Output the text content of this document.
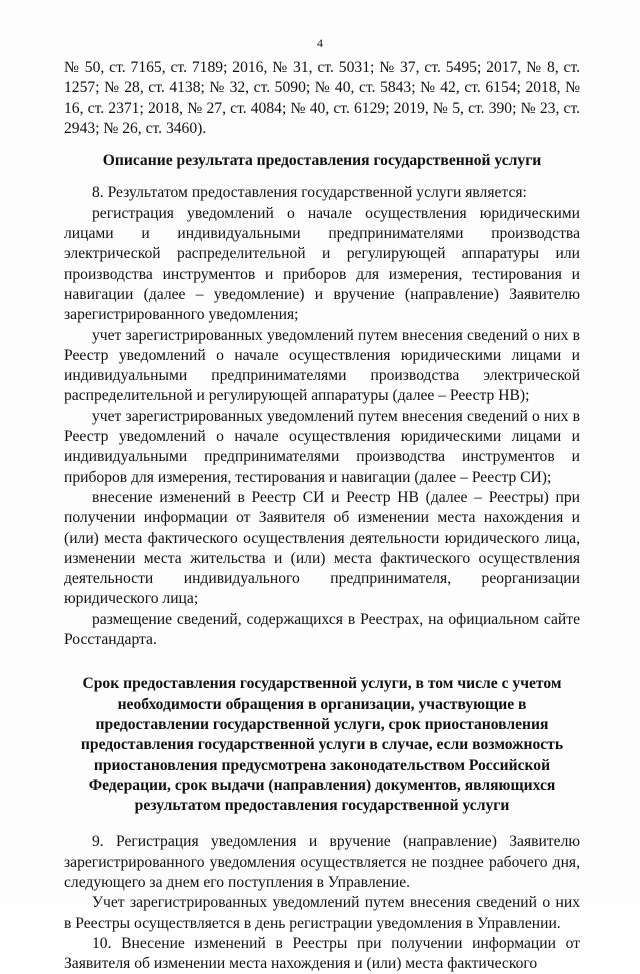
4

№ 50, ст. 7165, ст. 7189; 2016, № 31, ст. 5031; № 37, ст. 5495; 2017, № 8, ст. 1257; № 28, ст. 4138; № 32, ст. 5090; № 40, ст. 5843; № 42, ст. 6154; 2018, № 16, ст. 2371; 2018, № 27, ст. 4084; № 40, ст. 6129; 2019, № 5, ст. 390; № 23, ст. 2943; № 26, ст. 3460).

Описание результата предоставления государственной услуги

8. Результатом предоставления государственной услуги является:

регистрация уведомлений о начале осуществления юридическими лицами и индивидуальными предпринимателями производства электрической распределительной и регулирующей аппаратуры или производства инструментов и приборов для измерения, тестирования и навигации (далее – уведомление) и вручение (направление) Заявителю зарегистрированного уведомления;

учет зарегистрированных уведомлений путем внесения сведений о них в Реестр уведомлений о начале осуществления юридическими лицами и индивидуальными предпринимателями производства электрической распределительной и регулирующей аппаратуры (далее – Реестр НВ);

учет зарегистрированных уведомлений путем внесения сведений о них в Реестр уведомлений о начале осуществления юридическими лицами и индивидуальными предпринимателями производства инструментов и приборов для измерения, тестирования и навигации (далее – Реестр СИ);

внесение изменений в Реестр СИ и Реестр НВ (далее – Реестры) при получении информации от Заявителя об изменении места нахождения и (или) места фактического осуществления деятельности юридического лица, изменении места жительства и (или) места фактического осуществления деятельности индивидуального предпринимателя, реорганизации юридического лица;

размещение сведений, содержащихся в Реестрах, на официальном сайте Росстандарта.

Срок предоставления государственной услуги, в том числе с учетом необходимости обращения в организации, участвующие в предоставлении государственной услуги, срок приостановления предоставления государственной услуги в случае, если возможность приостановления предусмотрена законодательством Российской Федерации, срок выдачи (направления) документов, являющихся результатом предоставления государственной услуги

9. Регистрация уведомления и вручение (направление) Заявителю зарегистрированного уведомления осуществляется не позднее рабочего дня, следующего за днем его поступления в Управление.

Учет зарегистрированных уведомлений путем внесения сведений о них в Реестры осуществляется в день регистрации уведомления в Управлении.

10. Внесение изменений в Реестры при получении информации от Заявителя об изменении места нахождения и (или) места фактического
